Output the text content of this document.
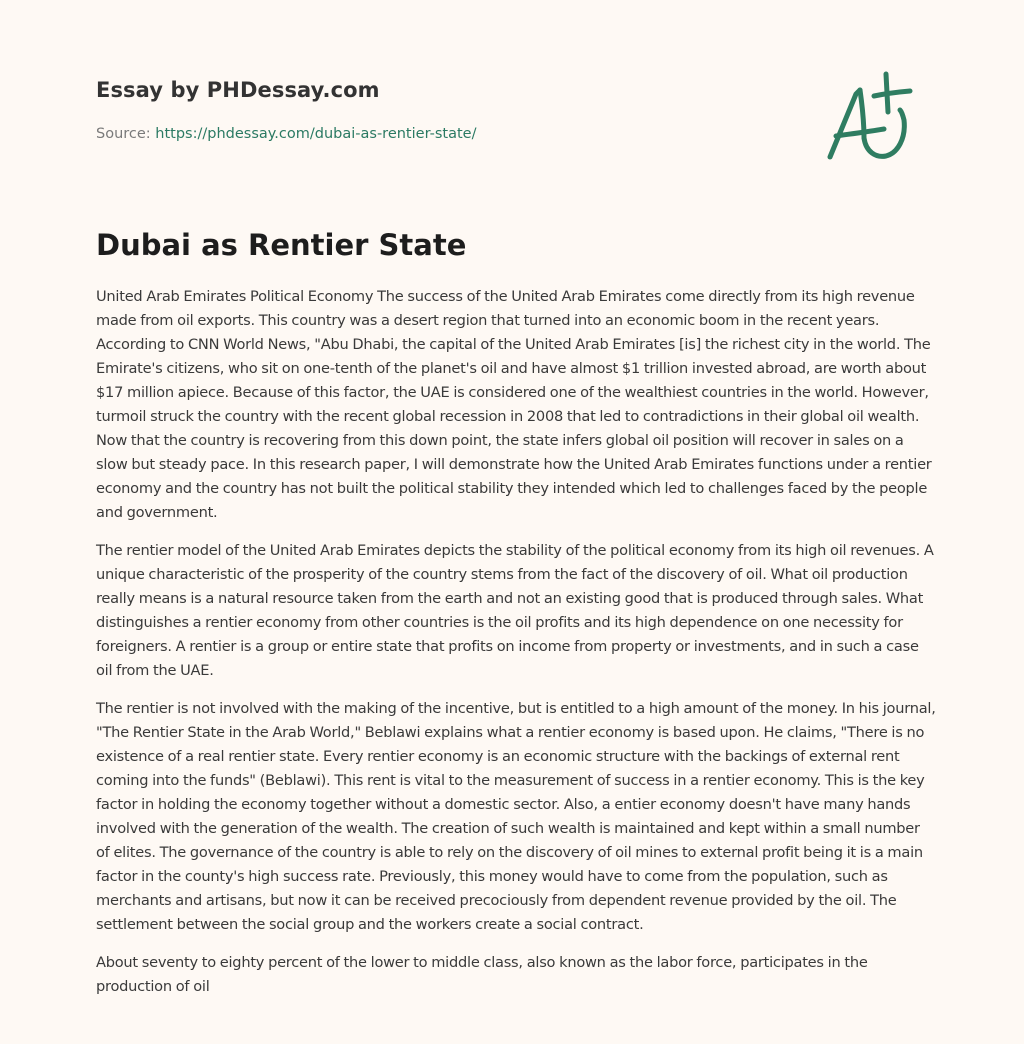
Essay by PHDessay.com
Source: https://phdessay.com/dubai-as-rentier-state/
Dubai as Rentier State

United Arab Emirates Political Economy The success of the United Arab Emirates come directly from its high revenue made from oil exports. This country was a desert region that turned into an economic boom in the recent years. According to CNN World News, "Abu Dhabi, the capital of the United Arab Emirates [is] the richest city in the world. The Emirate's citizens, who sit on one-tenth of the planet's oil and have almost $1 trillion invested abroad, are worth about $17 million apiece. Because of this factor, the UAE is considered one of the wealthiest countries in the world. However, turmoil struck the country with the recent global recession in 2008 that led to contradictions in their global oil wealth. Now that the country is recovering from this down point, the state infers global oil position will recover in sales on a slow but steady pace. In this research paper, I will demonstrate how the United Arab Emirates functions under a rentier economy and the country has not built the political stability they intended which led to challenges faced by the people and government.

The rentier model of the United Arab Emirates depicts the stability of the political economy from its high oil revenues. A unique characteristic of the prosperity of the country stems from the fact of the discovery of oil. What oil production really means is a natural resource taken from the earth and not an existing good that is produced through sales. What distinguishes a rentier economy from other countries is the oil profits and its high dependence on one necessity for foreigners. A rentier is a group or entire state that profits on income from property or investments, and in such a case oil from the UAE.

The rentier is not involved with the making of the incentive, but is entitled to a high amount of the money. In his journal, "The Rentier State in the Arab World," Beblawi explains what a rentier economy is based upon. He claims, "There is no existence of a real rentier state. Every rentier economy is an economic structure with the backings of external rent coming into the funds" (Beblawi). This rent is vital to the measurement of success in a rentier economy. This is the key factor in holding the economy together without a domestic sector. Also, a entier economy doesn't have many hands involved with the generation of the wealth. The creation of such wealth is maintained and kept within a small number of elites. The governance of the country is able to rely on the discovery of oil mines to external profit being it is a main factor in the county's high success rate. Previously, this money would have to come from the population, such as merchants and artisans, but now it can be received precociously from dependent revenue provided by the oil. The settlement between the social group and the workers create a social contract.

About seventy to eighty percent of the lower to middle class, also known as the labor force, participates in the production of oil
